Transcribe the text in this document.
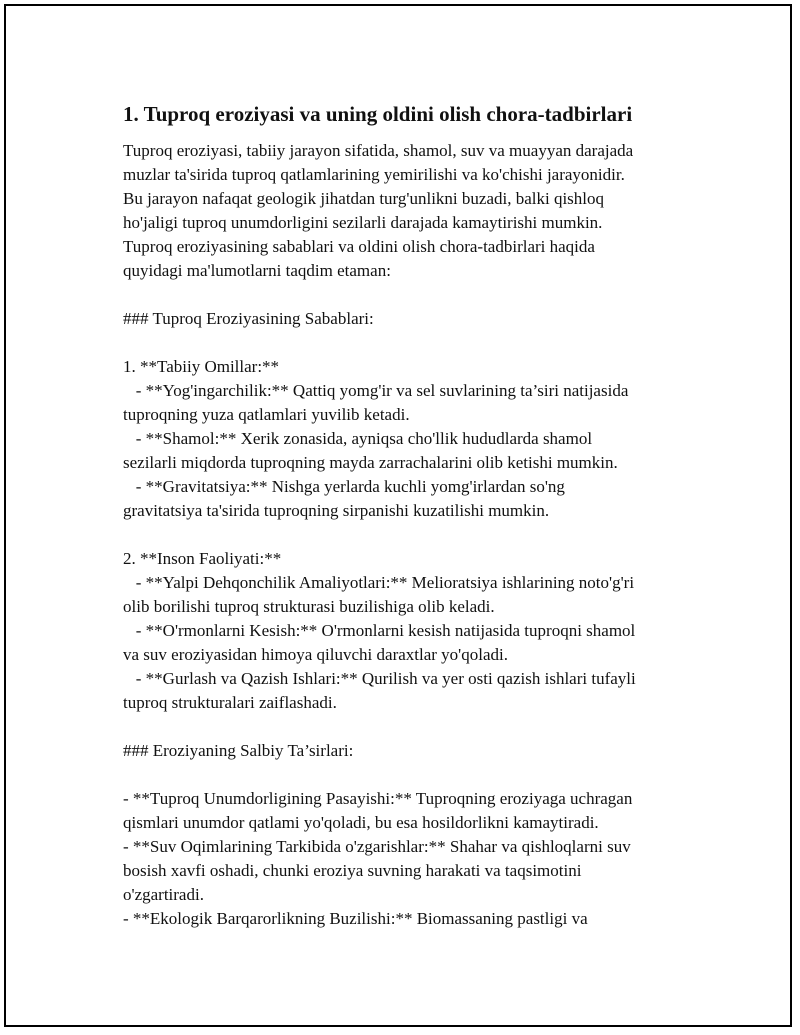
1. Tuproq eroziyasi va uning oldini olish chora-tadbirlari
Tuproq eroziyasi, tabiiy jarayon sifatida, shamol, suv va muayyan darajada
muzlar ta'sirida tuproq qatlamlarining yemirilishi va ko'chishi jarayonidir.
Bu jarayon nafaqat geologik jihatdan turg'unlikni buzadi, balki qishloq
ho'jaligi tuproq unumdorligini sezilarli darajada kamaytirishi mumkin.
Tuproq eroziyasining sabablari va oldini olish chora-tadbirlari haqida
quyidagi ma'lumotlarni taqdim etaman:
### Tuproq Eroziyasining Sabablari:
1. **Tabiiy Omillar:**
- **Yog'ingarchilik:** Qattiq yomg'ir va sel suvlarining ta’siri natijasida
tuproqning yuza qatlamlari yuvilib ketadi.
- **Shamol:** Xerik zonasida, ayniqsa cho'llik hududlarda shamol
sezilarli miqdorda tuproqning mayda zarrachalarini olib ketishi mumkin.
- **Gravitatsiya:** Nishga yerlarda kuchli yomg'irlardan so'ng
gravitatsiya ta'sirida tuproqning sirpanishi kuzatilishi mumkin.
2. **Inson Faoliyati:**
- **Yalpi Dehqonchilik Amaliyotlari:** Melioratsiya ishlarining noto'g'ri
olib borilishi tuproq strukturasi buzilishiga olib keladi.
- **O'rmonlarni Kesish:** O'rmonlarni kesish natijasida tuproqni shamol
va suv eroziyasidan himoya qiluvchi daraxtlar yo'qoladi.
- **Gurlash va Qazish Ishlari:** Qurilish va yer osti qazish ishlari tufayli
tuproq strukturalari zaiflashadi.
### Eroziyaning Salbiy Ta’sirlari:
- **Tuproq Unumdorligining Pasayishi:** Tuproqning eroziyaga uchragan
qismlari unumdor qatlami yo'qoladi, bu esa hosildorlikni kamaytiradi.
- **Suv Oqimlarining Tarkibida o'zgarishlar:** Shahar va qishloqlarni suv
bosish xavfi oshadi, chunki eroziya suvning harakati va taqsimotini
o'zgartiradi.
- **Ekologik Barqarorlikning Buzilishi:** Biomassaning pastligi va
